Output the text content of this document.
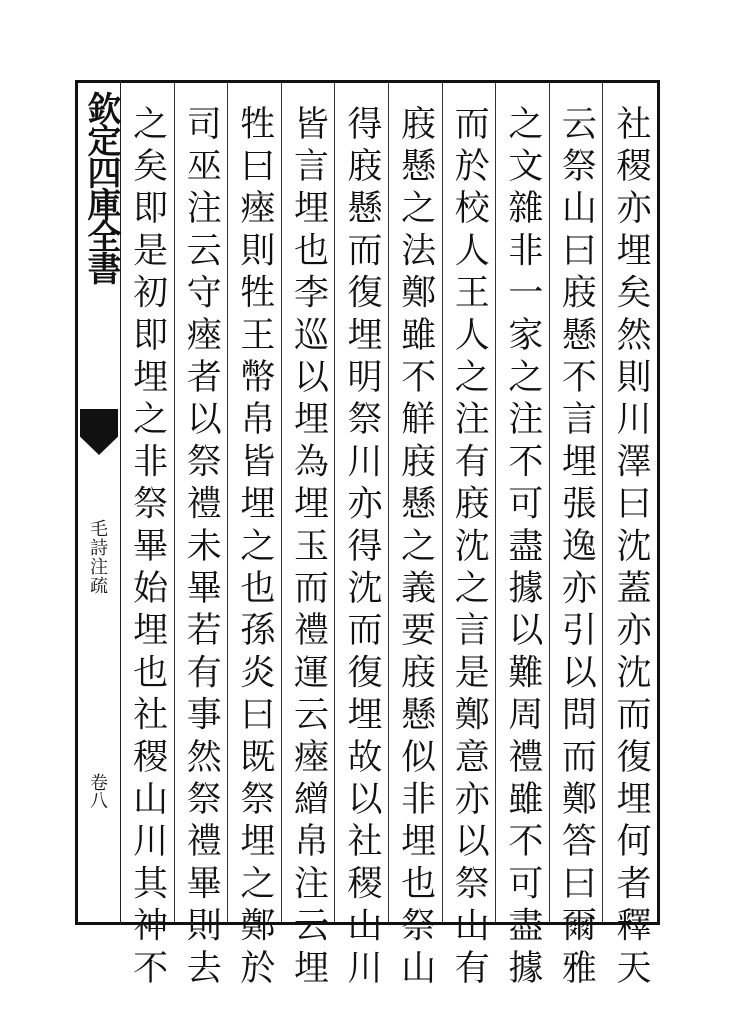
欽定四庫全書
毛詩注疏
卷八	社稷亦埋矣然則川澤曰沈蓋亦沈而復埋何者釋天
云祭山曰庪懸不言埋張逸亦引以問而鄭答曰爾雅
之文雜非一家之注不可盡據以難周禮雖不可盡據
而於校人王人之注有庪沈之言是鄭意亦以祭山有
庪懸之法鄭雖不觧庪懸之義要庪懸似非埋也祭山
得庪懸而復埋明祭川亦得沈而復埋故以社稷山川
皆言埋也李巡以埋為埋玉而禮運云瘞繒帛注云埋
牲曰瘞則牲王幣帛皆埋之也孫炎曰既祭埋之鄭於
司巫注云守瘞者以祭禮未畢若有事然祭禮畢則去
之矣即是初即埋之非祭畢始埋也社稷山川其神不
